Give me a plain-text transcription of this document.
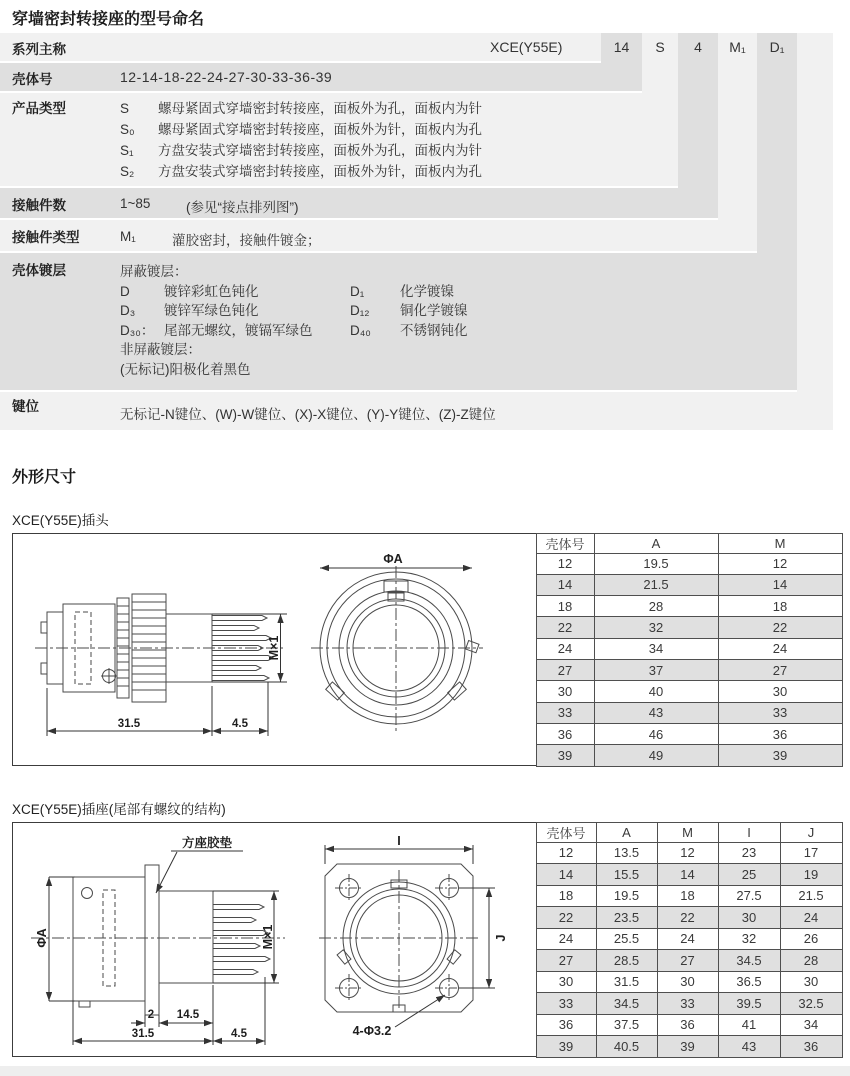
穿墙密封转接座的型号命名
系列主称	XCE(Y55E)	14	S	4	M₁	D₁
壳体号	12-14-18-22-24-27-30-33-36-39
产品类型	S 螺母紧固式穿墙密封转接座，面板外为孔，面板内为针
S₀ 螺母紧固式穿墙密封转接座，面板外为针，面板内为孔
S₁ 方盘安装式穿墙密封转接座，面板外为孔，面板内为针
S₂ 方盘安装式穿墙密封转接座，面板外为针，面板内为孔
接触件数	1~85	(参见“接点排列图”)
接触件类型	M₁	灌胶密封，接触件镀金；
壳体镀层	屏蔽镀层：
D	镀锌彩虹色钝化	D₁	化学镀镍
D₃ 镀锌军绿色钝化	D₁₂ 铜化学镀镍
D₃₀： 尾部无螺纹，镀镉军绿色	D₄₀ 不锈钢钝化
非屏蔽镀层：
(无标记)阳极化着黑色
键位
无标记-N键位、(W)-W键位、(X)-X键位、(Y)-Y键位、(Z)-Z键位
外形尺寸
XCE(Y55E)插头
31.5	4.5
M×1
ΦA
壳体号	A	M
12	19.5	12
14	21.5	14
18	28	18
22	32	22
24	34	24
27	37	27
30	40	30
33	43	33
36	46	36
39	49	39
XCE(Y55E)插座(尾部有螺纹的结构)
方座胶垫
ΦA	M×1
2 14.5
31.5	4.5
I
J
4-Φ3.2
壳体号	A	M	I	J
12	13.5	12	23	17
14	15.5	14	25	19
18	19.5	18	27.5	21.5
22	23.5	22	30	24
24	25.5	24	32	26
27	28.5	27	34.5	28
30	31.5	30	36.5	30
33	34.5	33	39.5	32.5
36	37.5	36	41	34
39	40.5	39	43	36
